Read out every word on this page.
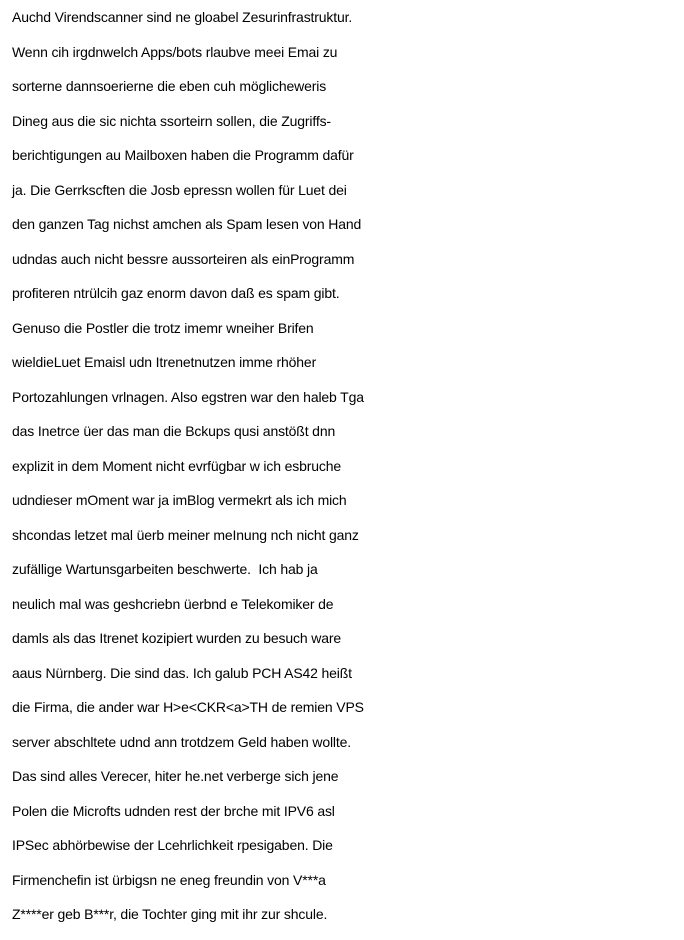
Auchd Virendscanner sind ne gloabel Zesurinfrastruktur.
Wenn cih irgdnwelch Apps/bots rlaubve meei Emai zu
sorterne dannsoerierne die eben cuh möglicheweris
Dineg aus die sic nichta ssorteirn sollen, die Zugriffs-
berichtigungen au Mailboxen haben die Programm dafür
ja. Die Gerrkscften die Josb epressn wollen für Luet dei
den ganzen Tag nichst amchen als Spam lesen von Hand
udndas auch nicht bessre aussorteiren als einProgramm
profiteren ntrülcih gaz enorm davon daß es spam gibt.
Genuso die Postler die trotz imemr wneiher Brifen
wieldieLuet Emaisl udn Itrenetnutzen imme rhöher
Portozahlungen vrlnagen. Also egstren war den haleb Tga
das Inetrce üer das man die Bckups qusi anstößt dnn
explizit in dem Moment nicht evrfügbar w ich esbruche
udndieser mOment war ja imBlog vermekrt als ich mich
shcondas letzet mal üerb meiner meInung nch nicht ganz
zufällige Wartunsgarbeiten beschwerte.  Ich hab ja
neulich mal was geshcriebn üerbnd e Telekomiker de
damls als das Itrenet kozipiert wurden zu besuch ware
aaus Nürnberg. Die sind das. Ich galub PCH AS42 heißt
die Firma, die ander war H>e<CKR<a>TH de remien VPS
server abschltete udnd ann trotdzem Geld haben wollte.
Das sind alles Verecer, hiter he.net verberge sich jene
Polen die Microfts udnden rest der brche mit IPV6 asl
IPSec abhörbewise der Lcehrlichkeit rpesigaben. Die
Firmenchefin ist ürbigsn ne eneg freundin von V***a
Z****er geb B***r, die Tochter ging mit ihr zur shcule.
